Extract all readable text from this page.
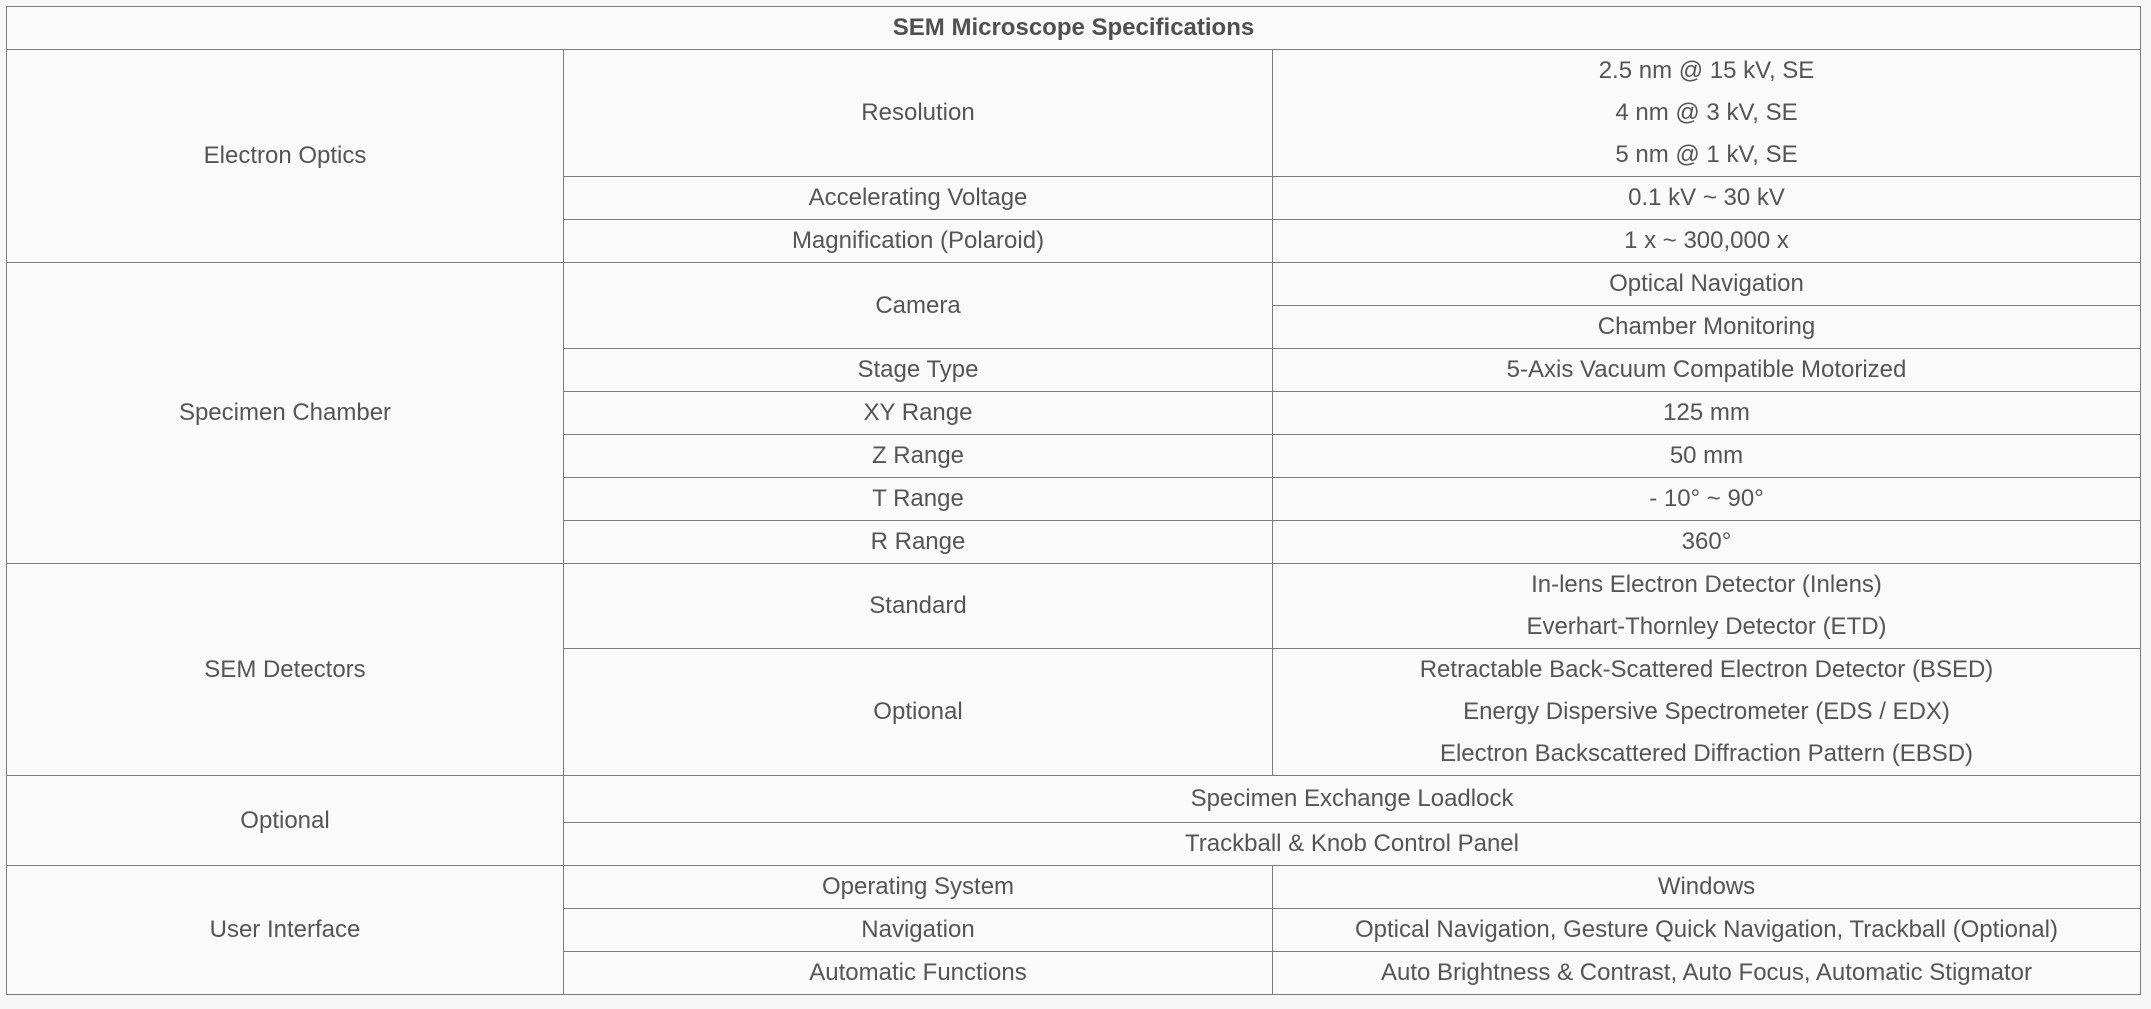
SEM Microscope Specifications		
Electron Optics	Resolution	2.5 nm @ 15 kV, SE
4 nm @ 3 kV, SE
5 nm @ 1 kV, SE

	Accelerating Voltage	0.1 kV ~ 30 kV
	Magnification (Polaroid)	1 x ~ 300,000 x
Specimen Chamber	Camera	Optical Navigation
		Chamber Monitoring
	Stage Type	5-Axis Vacuum Compatible Motorized
	XY Range	125 mm
	Z Range	50 mm
	T Range	- 10° ~ 90°
	R Range	360°
SEM Detectors	Standard	In-lens Electron Detector (Inlens)
Everhart-Thornley Detector (ETD)

	Optional	Retractable Back-Scattered Electron Detector (BSED)
Energy Dispersive Spectrometer (EDS / EDX)
Electron Backscattered Diffraction Pattern (EBSD)

Optional	Specimen Exchange Loadlock	
	Trackball & Knob Control Panel	
User Interface	Operating System	Windows
	Navigation	Optical Navigation, Gesture Quick Navigation, Trackball (Optional)
	Automatic Functions	Auto Brightness & Contrast, Auto Focus, Automatic Stigmator
